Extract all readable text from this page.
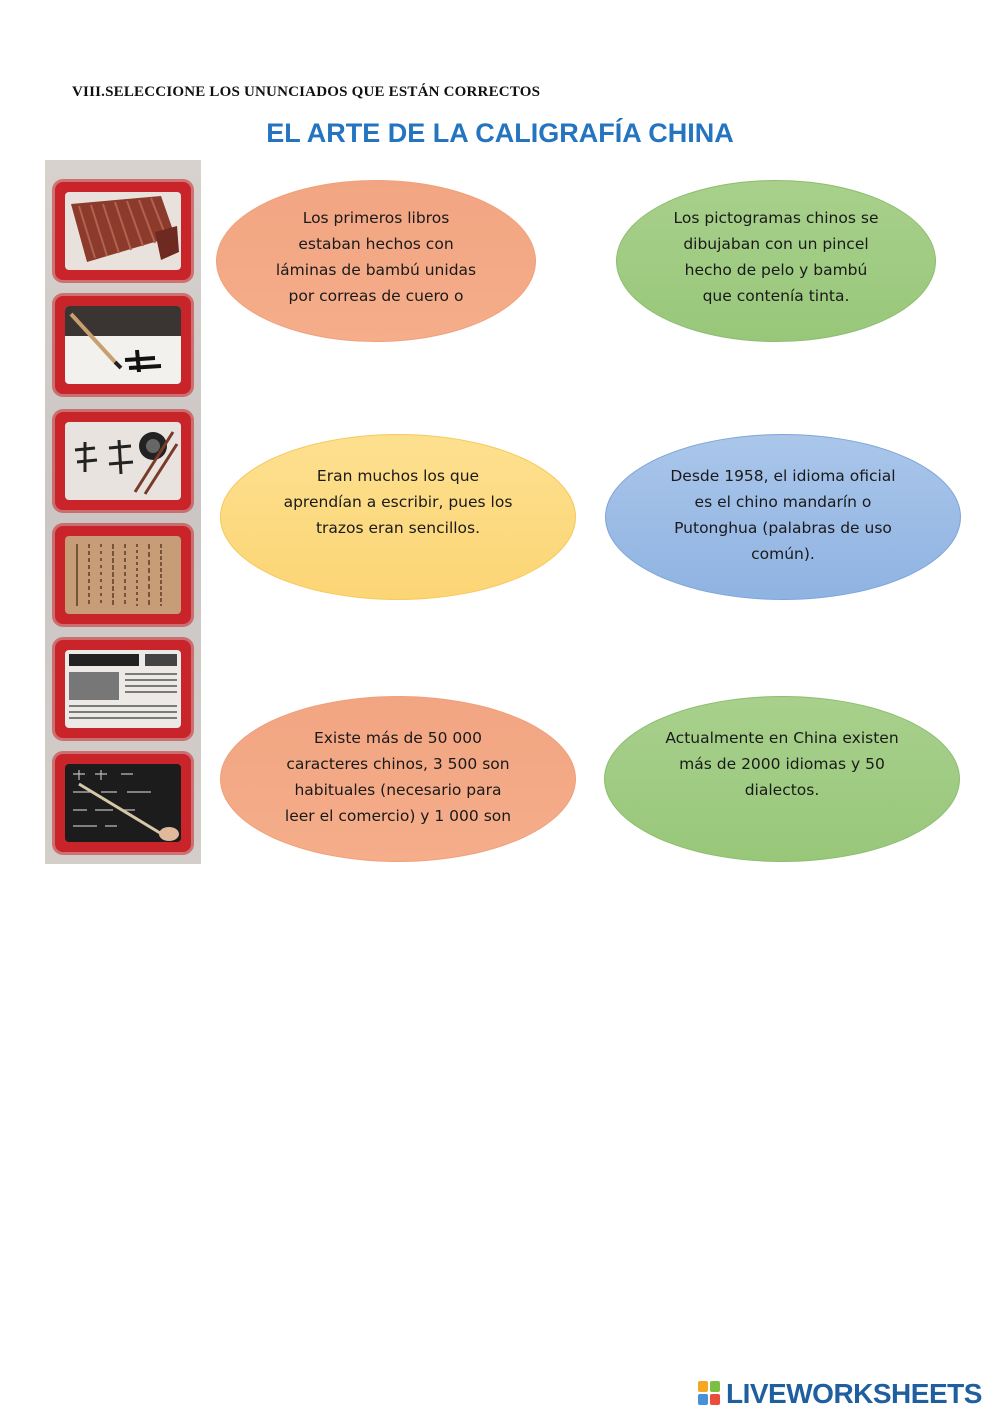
VIII.SELECCIONE LOS UNUNCIADOS QUE ESTÁN CORRECTOS
EL ARTE DE LA CALIGRAFÍA CHINA
Los primeros libros
estaban hechos con
láminas de bambú unidas
por correas de cuero o
Los pictogramas chinos se
dibujaban con un pincel
hecho de pelo y bambú
que contenía tinta.
Eran muchos los que
aprendían a escribir, pues los
trazos eran sencillos.
Desde 1958, el idioma oficial
es el chino mandarín o
Putonghua (palabras de uso
común).
Existe más de 50 000
caracteres chinos, 3 500 son
habituales (necesario para
leer el comercio) y 1 000 son
Actualmente en China existen
más de 2000 idiomas y 50
dialectos.
LIVEWORKSHEETS
